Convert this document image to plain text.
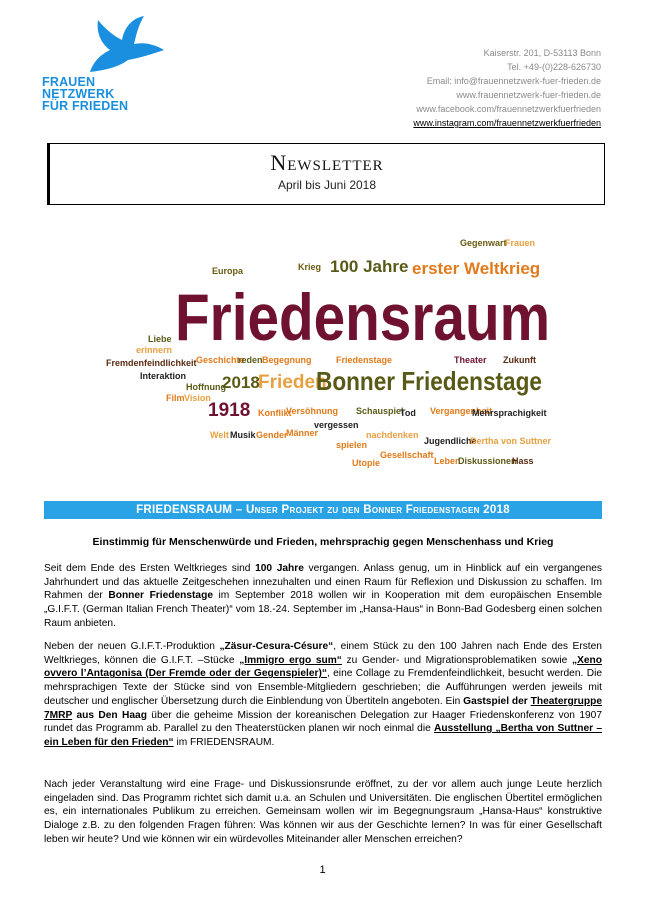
FRAUEN
NETZWERK
FÜR FRIEDEN
Kaiserstr. 201, D-53113 Bonn
Tel. +49-(0)228-626730
Email: info@frauennetzwerk-fuer-frieden.de
www.frauennetzwerk-fuer-frieden.de
www.facebook.com/frauennetzwerkfuerfrieden
www.instagram.com/frauennetzwerkfuerfrieden
Newsletter
April bis Juni 2018
Europa	Krieg 100 Jahre erster Weltkrieg
Gegenwart
Frauen
Friedensraum
Liebe
erinnern
Fremdenfeindlichkeit
Interaktion
Geschichte
reden Begegnung	Friedenstage	Theater Zukunft
2018
Frieden
Bonner Friedenstage
Hoffnung
Film Vision
1918 Konflikt
Versöhnung Schauspiel
Tod Vergangenheit
Mehrsprachigkeit
Welt Musik Gender
Männer
vergessen
spielen
nachdenken
Jugendliche
Bertha von Suttner
Utopie
Gesellschaft
Leben
Diskussionen
Hass
FRIEDENSRAUM – Unser Projekt zu den Bonner Friedenstagen 2018
Einstimmig für Menschenwürde und Frieden, mehrsprachig gegen Menschenhass und Krieg
Seit dem Ende des Ersten Weltkrieges sind 100 Jahre vergangen. Anlass genug, um in Hinblick auf ein vergangenes Jahrhundert und das aktuelle Zeitgeschehen innezuhalten und einen Raum für Reflexion und Diskussion zu schaffen. Im Rahmen der Bonner Friedenstage im September 2018 wollen wir in Kooperation mit dem europäischen Ensemble „G.I.F.T. (German Italian French Theater)“ vom 18.-24. September im „Hansa-Haus“ in Bonn-Bad Godesberg einen solchen Raum anbieten.
Neben der neuen G.I.F.T.-Produktion „Zäsur-Cesura-Césure“, einem Stück zu den 100 Jahren nach Ende des Ersten Weltkrieges, können die G.I.F.T. –Stücke „Immigro ergo sum“ zu Gender- und Migrationsproblematiken sowie „Xeno ovvero l’Antagonisa (Der Fremde oder der Gegenspieler)“, eine Collage zu Fremdenfeindlichkeit, besucht werden. Die mehrsprachigen Texte der Stücke sind von Ensemble-Mitgliedern geschrieben; die Aufführungen werden jeweils mit deutscher und englischer Übersetzung durch die Einblendung von Übertiteln angeboten. Ein Gastspiel der Theatergruppe 7MRP aus Den Haag über die geheime Mission der koreanischen Delegation zur Haager Friedenskonferenz von 1907 rundet das Programm ab. Parallel zu den Theaterstücken planen wir noch einmal die Ausstellung „Bertha von Suttner – ein Leben für den Frieden“ im FRIEDENSRAUM.
Nach jeder Veranstaltung wird eine Frage- und Diskussionsrunde eröffnet, zu der vor allem auch junge Leute herzlich eingeladen sind. Das Programm richtet sich damit u.a. an Schulen und Universitäten. Die englischen Übertitel ermöglichen es, ein internationales Publikum zu erreichen. Gemeinsam wollen wir im Begegnungsraum „Hansa-Haus“ konstruktive Dialoge z.B. zu den folgenden Fragen führen: Was können wir aus der Geschichte lernen? In was für einer Gesellschaft leben wir heute? Und wie können wir ein würdevolles Miteinander aller Menschen erreichen?
1
